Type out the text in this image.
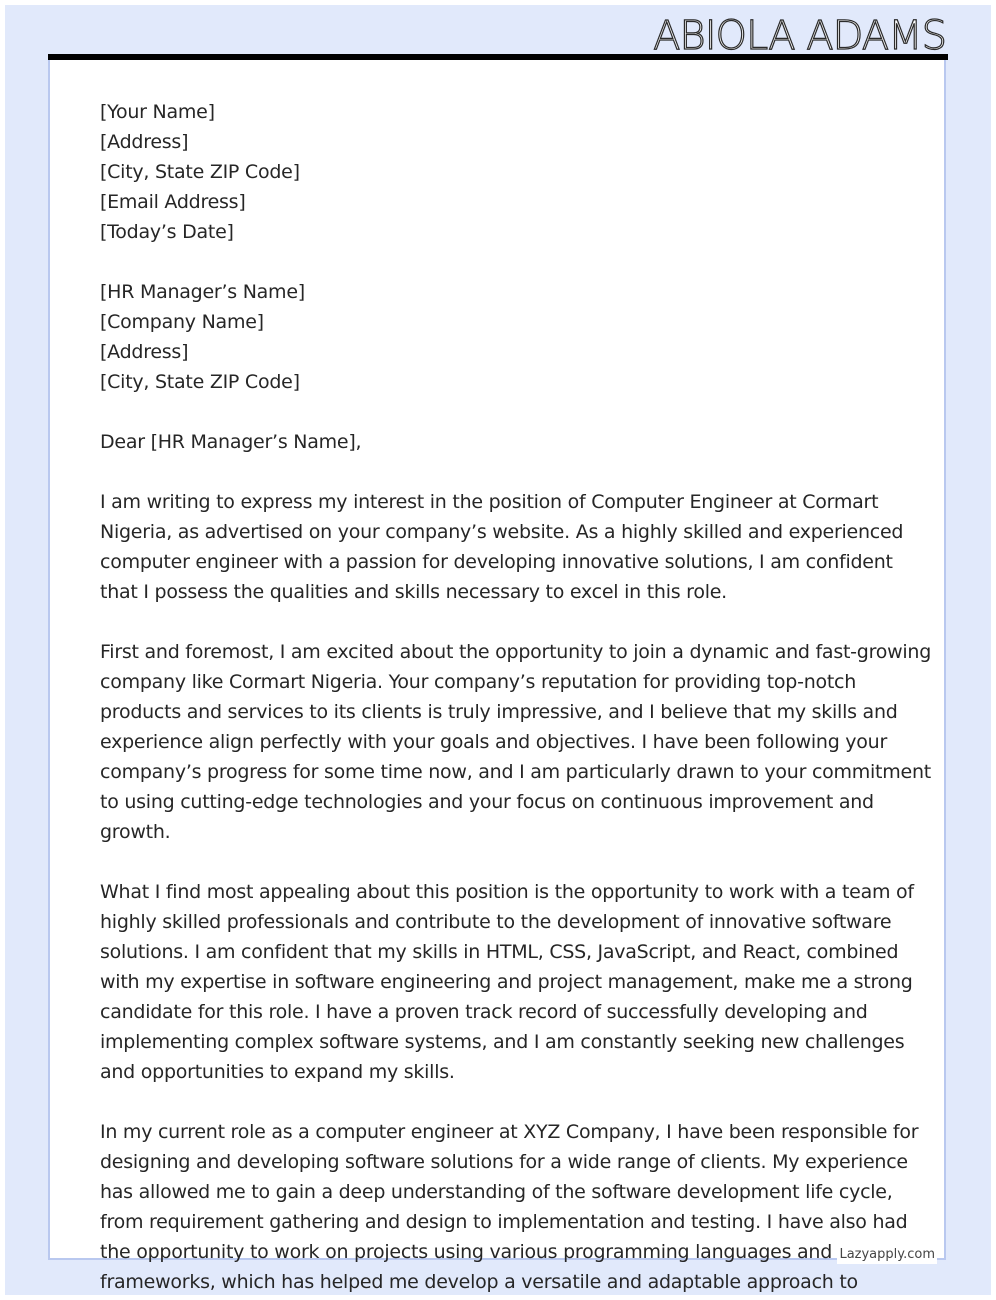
ABIOLA ADAMS
[Your Name]
[Address]
[City, State ZIP Code]
[Email Address]
[Today’s Date]
[HR Manager’s Name]
[Company Name]
[Address]
[City, State ZIP Code]
Dear [HR Manager’s Name],
I am writing to express my interest in the position of Computer Engineer at Cormart
Nigeria, as advertised on your company’s website. As a highly skilled and experienced
computer engineer with a passion for developing innovative solutions, I am confident
that I possess the qualities and skills necessary to excel in this role.
First and foremost, I am excited about the opportunity to join a dynamic and fast-growing
company like Cormart Nigeria. Your company’s reputation for providing top-notch
products and services to its clients is truly impressive, and I believe that my skills and
experience align perfectly with your goals and objectives. I have been following your
company’s progress for some time now, and I am particularly drawn to your commitment
to using cutting-edge technologies and your focus on continuous improvement and
growth.
What I find most appealing about this position is the opportunity to work with a team of
highly skilled professionals and contribute to the development of innovative software
solutions. I am confident that my skills in HTML, CSS, JavaScript, and React, combined
with my expertise in software engineering and project management, make me a strong
candidate for this role. I have a proven track record of successfully developing and
implementing complex software systems, and I am constantly seeking new challenges
and opportunities to expand my skills.
In my current role as a computer engineer at XYZ Company, I have been responsible for
designing and developing software solutions for a wide range of clients. My experience
has allowed me to gain a deep understanding of the software development life cycle,
from requirement gathering and design to implementation and testing. I have also had
the opportunity to work on projects using various programming languages and
frameworks, which has helped me develop a versatile and adaptable approach to
Lazyapply.com
